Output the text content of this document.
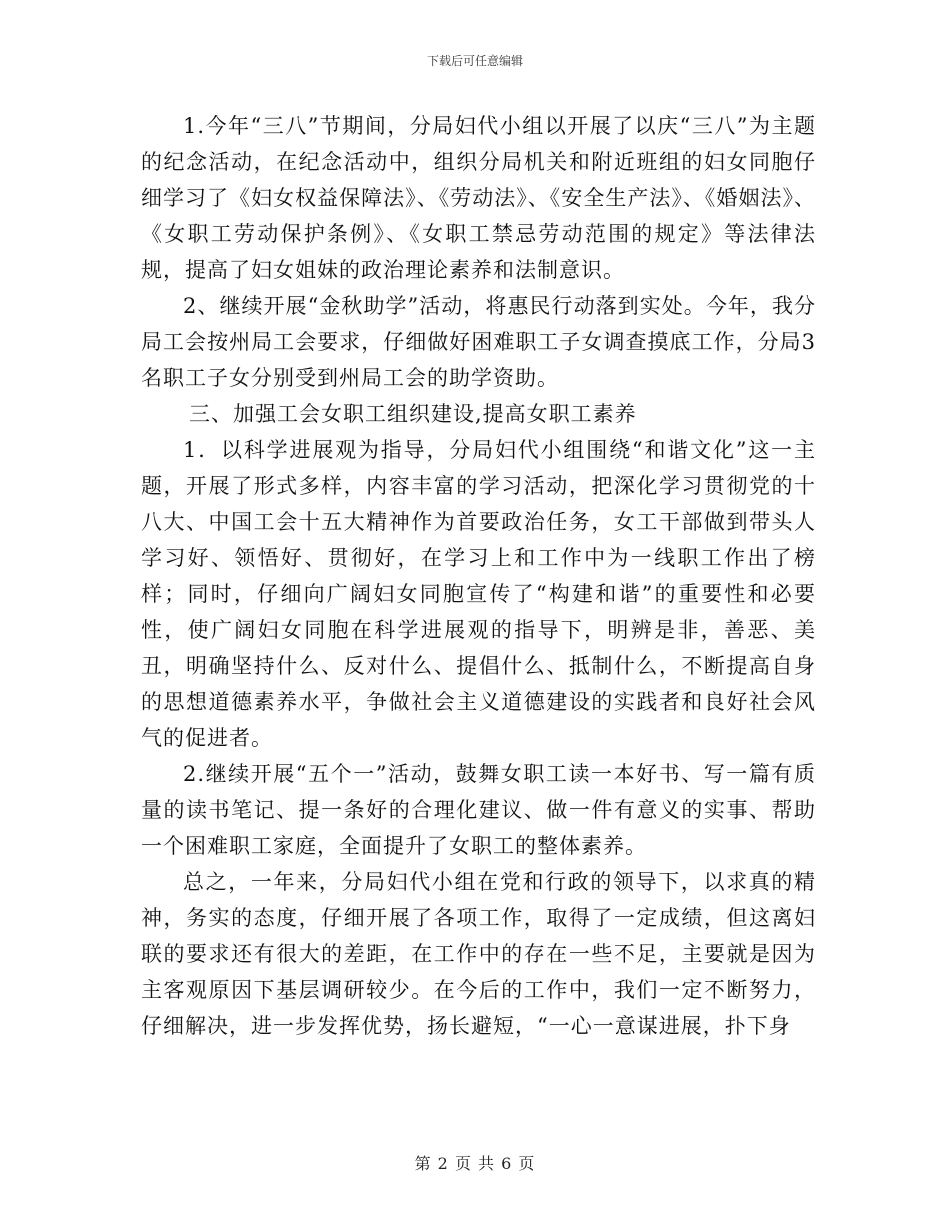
下载后可任意编辑

1.今年“三八”节期间，分局妇代小组以开展了以庆“三八”为主题的纪念活动，在纪念活动中，组织分局机关和附近班组的妇女同胞仔细学习了《妇女权益保障法》、《劳动法》、《安全生产法》、《婚姻法》、《女职工劳动保护条例》、《女职工禁忌劳动范围的规定》等法律法规，提高了妇女姐妹的政治理论素养和法制意识。

2、继续开展“金秋助学”活动，将惠民行动落到实处。今年，我分局工会按州局工会要求，仔细做好困难职工子女调查摸底工作，分局3名职工子女分别受到州局工会的助学资助。

三、加强工会女职工组织建设,提高女职工素养

1．以科学进展观为指导，分局妇代小组围绕“和谐文化”这一主题，开展了形式多样，内容丰富的学习活动，把深化学习贯彻党的十八大、中国工会十五大精神作为首要政治任务，女工干部做到带头人学习好、领悟好、贯彻好，在学习上和工作中为一线职工作出了榜样；同时，仔细向广阔妇女同胞宣传了“构建和谐”的重要性和必要性，使广阔妇女同胞在科学进展观的指导下，明辨是非，善恶、美丑，明确坚持什么、反对什么、提倡什么、抵制什么，不断提高自身的思想道德素养水平，争做社会主义道德建设的实践者和良好社会风气的促进者。

2.继续开展“五个一”活动，鼓舞女职工读一本好书、写一篇有质量的读书笔记、提一条好的合理化建议、做一件有意义的实事、帮助一个困难职工家庭，全面提升了女职工的整体素养。

总之，一年来，分局妇代小组在党和行政的领导下，以求真的精神，务实的态度，仔细开展了各项工作，取得了一定成绩，但这离妇联的要求还有很大的差距，在工作中的存在一些不足，主要就是因为主客观原因下基层调研较少。在今后的工作中，我们一定不断努力，仔细解决，进一步发挥优势，扬长避短，“一心一意谋进展，扑下身

第 2 页 共 6 页
